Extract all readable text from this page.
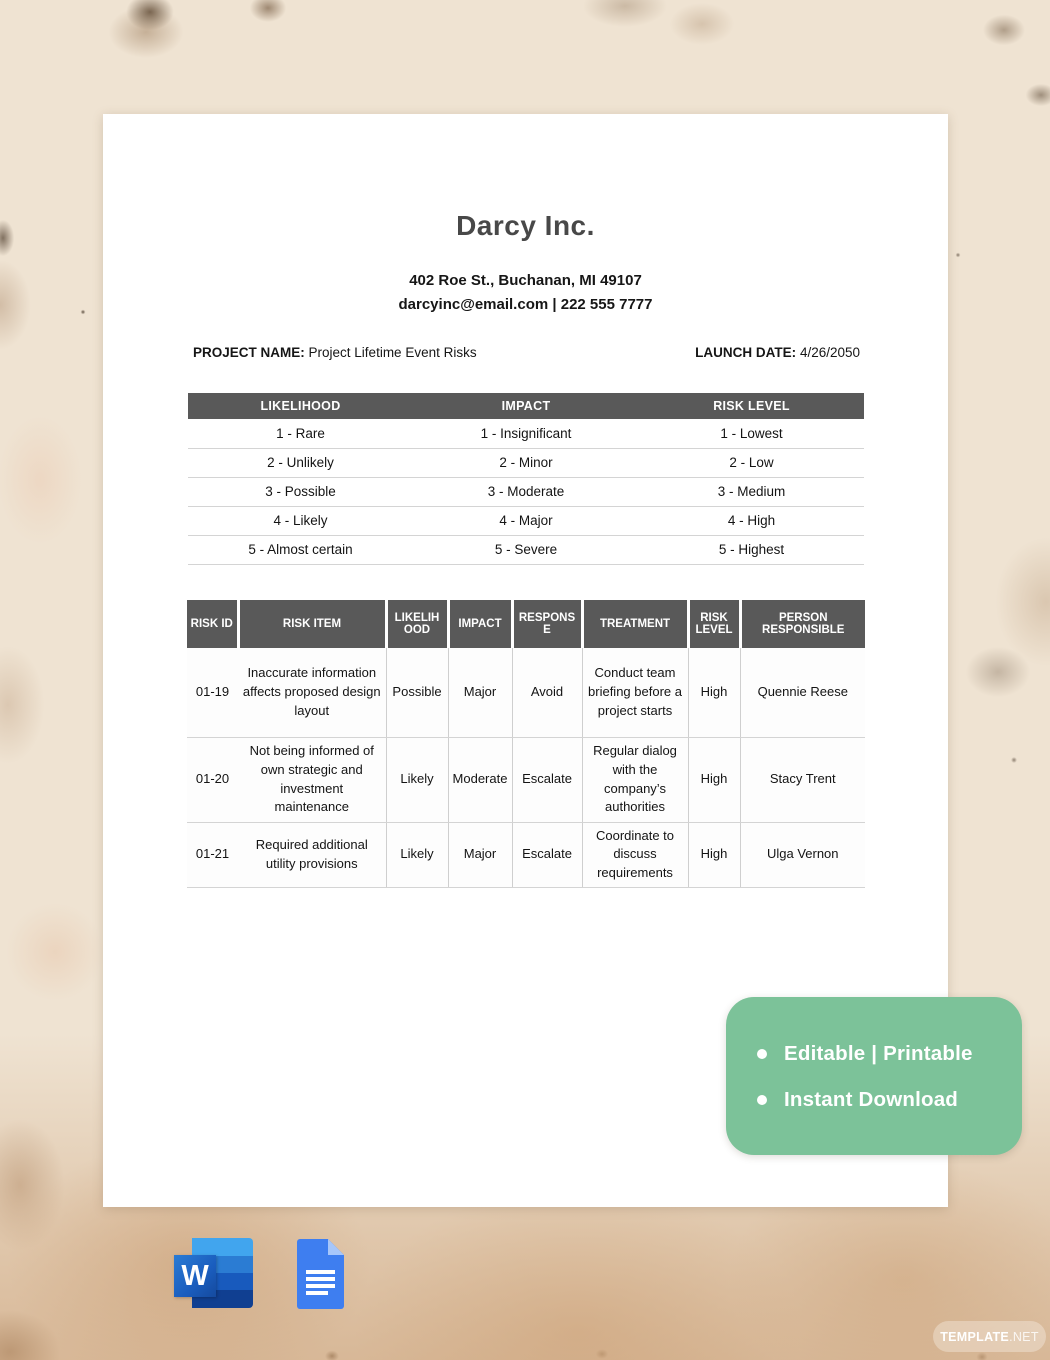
Darcy Inc.
402 Roe St., Buchanan, MI 49107
darcyinc@email.com | 222 555 7777
PROJECT NAME: Project Lifetime Event Risks	LAUNCH DATE: 4/26/2050
LIKELIHOOD	IMPACT	RISK LEVEL
1 - Rare	1 - Insignificant	1 - Lowest
2 - Unlikely	2 - Minor	2 - Low
3 - Possible	3 - Moderate	3 - Medium
4 - Likely	4 - Major	4 - High
5 - Almost certain	5 - Severe	5 - Highest
RISK ID	RISK ITEM	LIKELIHOOD	IMPACT	RESPONSE	TREATMENT	RISK LEVEL	PERSON RESPONSIBLE
01-19	Inaccurate information affects proposed design layout	Possible	Major	Avoid	Conduct team briefing before a project starts	High	Quennie Reese
01-20	Not being informed of own strategic and investment maintenance	Likely	Moderate	Escalate	Regular dialog with the company’s authorities	High	Stacy Trent
01-21	Required additional utility provisions	Likely	Major	Escalate	Coordinate to discuss requirements	High	Ulga Vernon
Editable | Printable
Instant Download
W
TEMPLATE .NET
